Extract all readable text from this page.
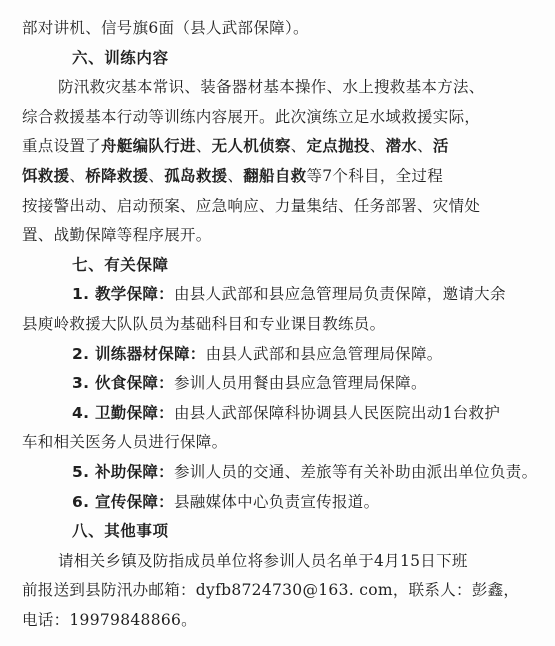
部对讲机、信号旗6面（县人武部保障）。
六、训练内容
防汛救灾基本常识、装备器材基本操作、水上搜救基本方法、
综合救援基本行动等训练内容展开。此次演练立足水域救援实际，
重点设置了舟艇编队行进、无人机侦察、定点抛投、潜水、活
饵救援、桥降救援、孤岛救援、翻船自救等7个科目，全过程
按接警出动、启动预案、应急响应、力量集结、任务部署、灾情处
置、战勤保障等程序展开。
七、有关保障
1. 教学保障：由县人武部和县应急管理局负责保障，邀请大余
县庾岭救援大队队员为基础科目和专业课目教练员。
2. 训练器材保障：由县人武部和县应急管理局保障。
3. 伙食保障：参训人员用餐由县应急管理局保障。
4. 卫勤保障：由县人武部保障科协调县人民医院出动1台救护
车和相关医务人员进行保障。
5. 补助保障：参训人员的交通、差旅等有关补助由派出单位负责。
6. 宣传保障：县融媒体中心负责宣传报道。
八、其他事项
请相关乡镇及防指成员单位将参训人员名单于4月15日下班
前报送到县防汛办邮箱：dyfb8724730@163. com，联系人：彭鑫，
电话：19979848866。
